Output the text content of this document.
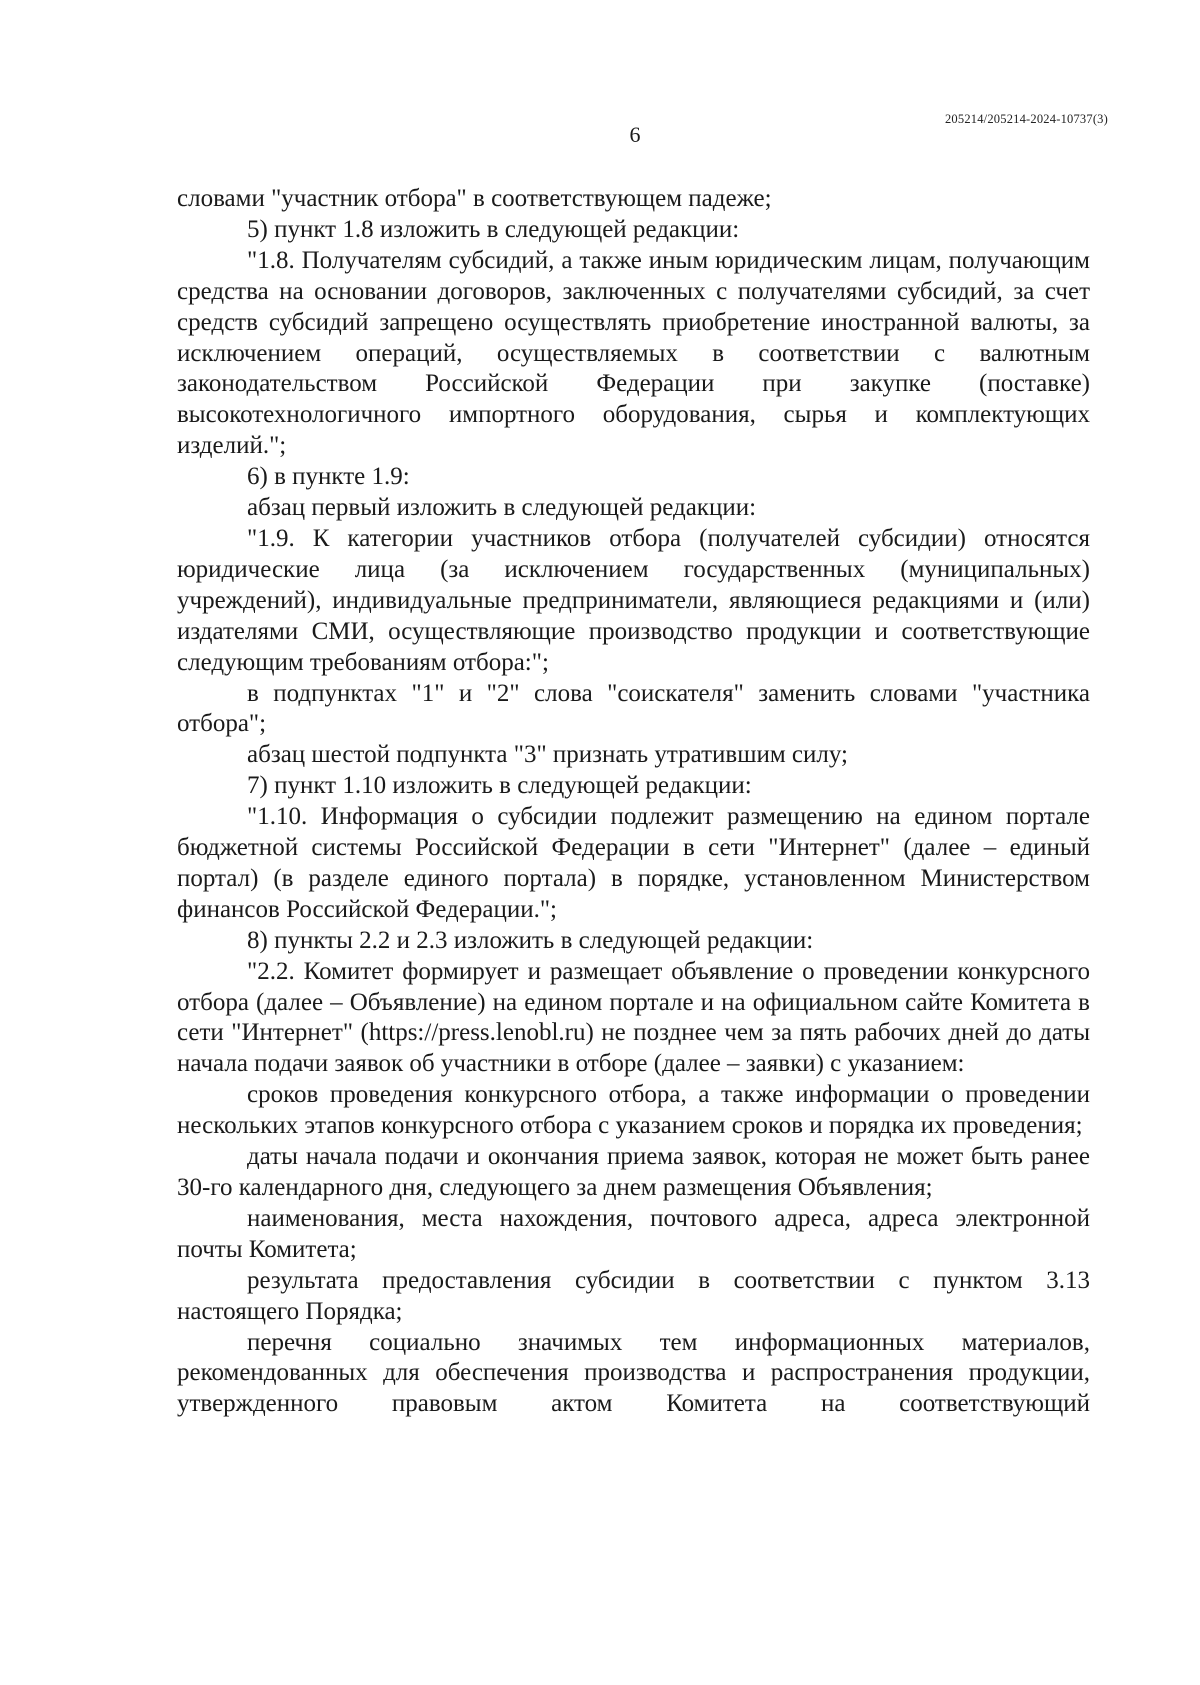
205214/205214-2024-10737(3)
6

словами "участник отбора" в соответствующем падеже;

5) пункт 1.8 изложить в следующей редакции:

"1.8. Получателям субсидий, а также иным юридическим лицам, получающим средства на основании договоров, заключенных с получателями субсидий, за счет средств субсидий запрещено осуществлять приобретение иностранной валюты, за исключением операций, осуществляемых в соответствии с валютным законодательством Российской Федерации при закупке (поставке) высокотехнологичного импортного оборудования, сырья и комплектующих изделий.";

6) в пункте 1.9:

абзац первый изложить в следующей редакции:

"1.9. К категории участников отбора (получателей субсидии) относятся юридические лица (за исключением государственных (муниципальных) учреждений), индивидуальные предприниматели, являющиеся редакциями и (или) издателями СМИ, осуществляющие производство продукции и соответствующие следующим требованиям отбора:";

в подпунктах "1" и "2" слова "соискателя" заменить словами "участника отбора";

абзац шестой подпункта "3" признать утратившим силу;

7) пункт 1.10 изложить в следующей редакции:

"1.10. Информация о субсидии подлежит размещению на едином портале бюджетной системы Российской Федерации в сети "Интернет" (далее – единый портал) (в разделе единого портала) в порядке, установленном Министерством финансов Российской Федерации.";

8) пункты 2.2 и 2.3 изложить в следующей редакции:

"2.2. Комитет формирует и размещает объявление о проведении конкурсного отбора (далее – Объявление) на едином портале и на официальном сайте Комитета в сети "Интернет" (https://press.lenobl.ru) не позднее чем за пять рабочих дней до даты начала подачи заявок об участники в отборе (далее – заявки) с указанием:

сроков проведения конкурсного отбора, а также информации о проведении нескольких этапов конкурсного отбора с указанием сроков и порядка их проведения;

даты начала подачи и окончания приема заявок, которая не может быть ранее 30-го календарного дня, следующего за днем размещения Объявления;

наименования, места нахождения, почтового адреса, адреса электронной почты Комитета;

результата предоставления субсидии в соответствии с пунктом 3.13 настоящего Порядка;

перечня социально значимых тем информационных материалов, рекомендованных для обеспечения производства и распространения продукции, утвержденного правовым актом Комитета на соответствующий
